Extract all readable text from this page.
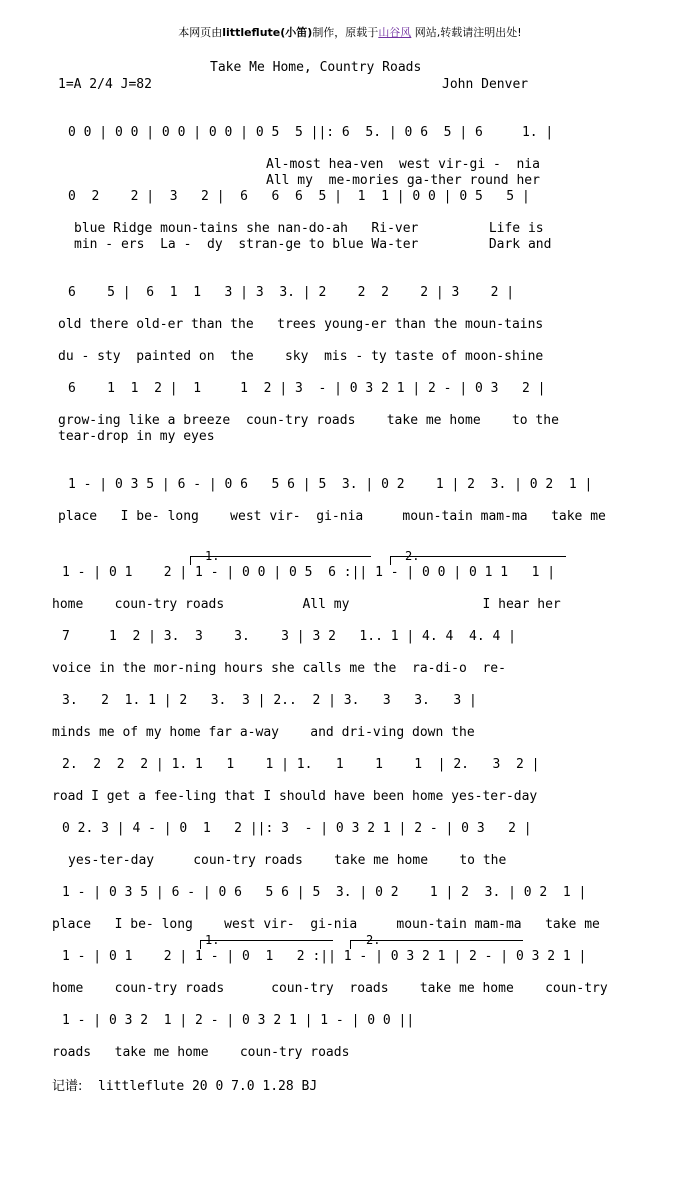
本网页由littleflute(小笛)制作，原载于山谷风 网站,转载请注明出处!
Take Me Home, Country Roads
1=A 2/4 J=82	John Denver
0 0 | 0 0 | 0 0 | 0 0 | 0 5  5 ||: 6  5. | 0 6  5 | 6     1. |
Al-most hea-ven  west vir-gi -  nia
All my  me-mories ga-ther round her
0  2    2 |  3   2 |  6   6  6  5 |  1  1 | 0 0 | 0 5   5 |
blue Ridge moun-tains she nan-do-ah   Ri-ver         Life is
min - ers  La -  dy  stran-ge to blue Wa-ter         Dark and
6    5 |  6  1  1   3 | 3  3. | 2    2  2    2 | 3    2 |
old there old-er than the   trees young-er than the moun-tains
du - sty  painted on  the    sky  mis - ty taste of moon-shine
6    1  1  2 |  1     1  2 | 3  - | 0 3 2 1 | 2 - | 0 3   2 |
grow-ing like a breeze  coun-try roads    take me home    to the
tear-drop in my eyes
1 - | 0 3 5 | 6 - | 0 6   5 6 | 5  3. | 0 2    1 | 2  3. | 0 2  1 |
place   I be- long    west vir-  gi-nia     moun-tain mam-ma   take me
1.	2.
1 - | 0 1    2 | 1 - | 0 0 | 0 5  6 :|| 1 - | 0 0 | 0 1 1   1 |
home    coun-try roads          All my                 I hear her
7     1  2 | 3.  3    3.    3 | 3 2   1.. 1 | 4. 4  4. 4 |
voice in the mor-ning hours she calls me the  ra-di-o  re-
3.   2  1. 1 | 2   3.  3 | 2..  2 | 3.   3   3.   3 |
minds me of my home far a-way    and dri-ving down the
2.  2  2  2 | 1. 1   1    1 | 1.   1    1    1  | 2.   3  2 |
road I get a fee-ling that I should have been home yes-ter-day
0 2. 3 | 4 - | 0  1   2 ||: 3  - | 0 3 2 1 | 2 - | 0 3   2 |
yes-ter-day     coun-try roads    take me home    to the
1 - | 0 3 5 | 6 - | 0 6   5 6 | 5  3. | 0 2    1 | 2  3. | 0 2  1 |
place   I be- long    west vir-  gi-nia     moun-tain mam-ma   take me
1.	2.
1 - | 0 1    2 | 1 - | 0  1   2 :|| 1 - | 0 3 2 1 | 2 - | 0 3 2 1 |
home    coun-try roads      coun-try  roads    take me home    coun-try
1 - | 0 3 2  1 | 2 - | 0 3 2 1 | 1 - | 0 0 ||
roads   take me home    coun-try roads
记谱: littleflute 20 0 7.0 1.28 BJ
